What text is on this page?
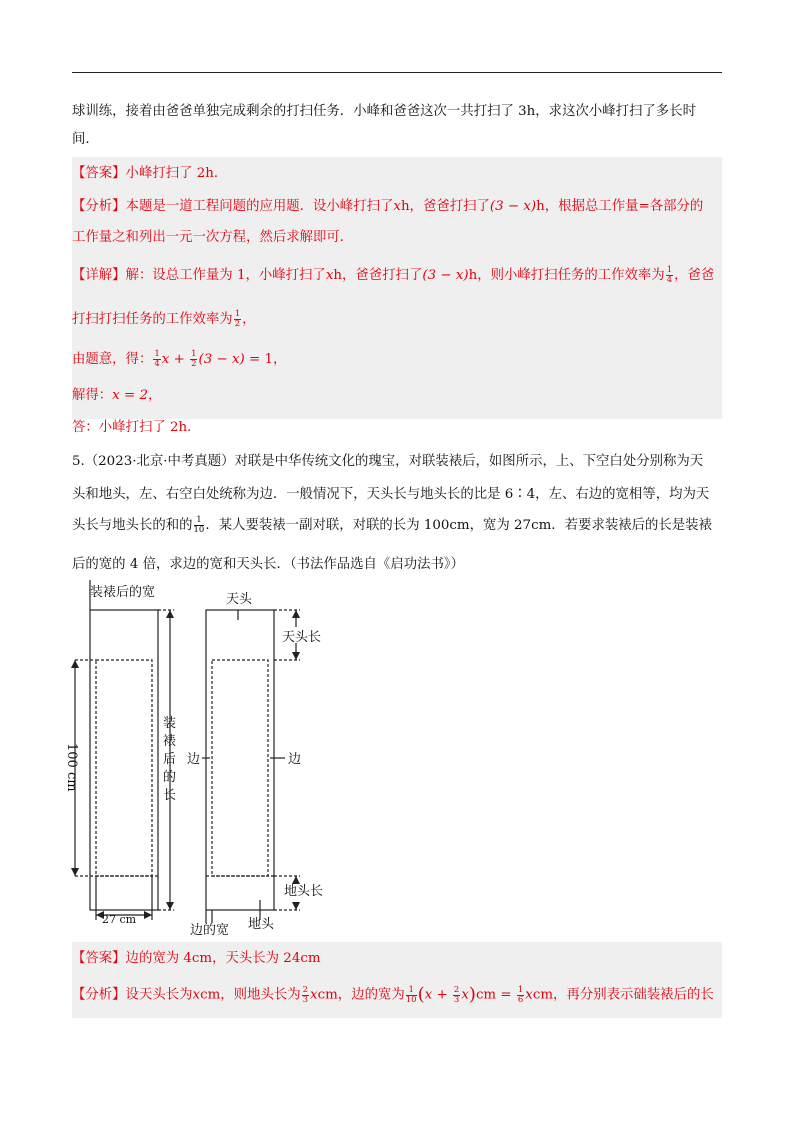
球训练，接着由爸爸单独完成剩余的打扫任务．小峰和爸爸这次一共打扫了 3h，求这次小峰打扫了多长时
间．
【答案】小峰打扫了 2h．
【分析】本题是一道工程问题的应用题．设小峰打扫了xh，爸爸打扫了(3 − x)h，根据总工作量=各部分的
工作量之和列出一元一次方程，然后求解即可．
【详解】解：设总工作量为 1，小峰打扫了xh，爸爸打扫了(3 − x)h，则小峰打扫任务的工作效率为 $\frac{1}{4}$ ，爸爸
打扫打扫任务的工作效率为 $\frac{1}{2}$ ，
由题意，得： $\frac{1}{4}$ $x + \frac{1}{2} (3 - x) = 1$，
解得：x = 2，
答：小峰打扫了 2h．
5.（2023·北京·中考真题）对联是中华传统文化的瑰宝，对联装裱后，如图所示，上、下空白处分别称为天
头和地头，左、右空白处统称为边．一般情况下，天头长与地头长的比是 6∶4，左、右边的宽相等，均为天
头长与地头长的和的 $\frac{1}{10}$ ．某人要装裱一副对联，对联的长为 100cm，宽为 27cm．若要求装裱后的长是装裱
后的宽的 4 倍，求边的宽和天头长．（书法作品选自《启功法书》）
装裱后的宽	天头
天头长
100 cm
装
裱
后
的
长
边	边
地头长
27 cm
边的宽 地头
【答案】边的宽为 4cm，天头长为 24cm
【分析】设天头长为xcm，则地头长为 $\frac{2}{3}$ xcm，边的宽为 $\frac{1}{10} (x + \frac{2}{3} x)cm = \frac{1}{6}$ xcm，再分别表示础装裱后的长
